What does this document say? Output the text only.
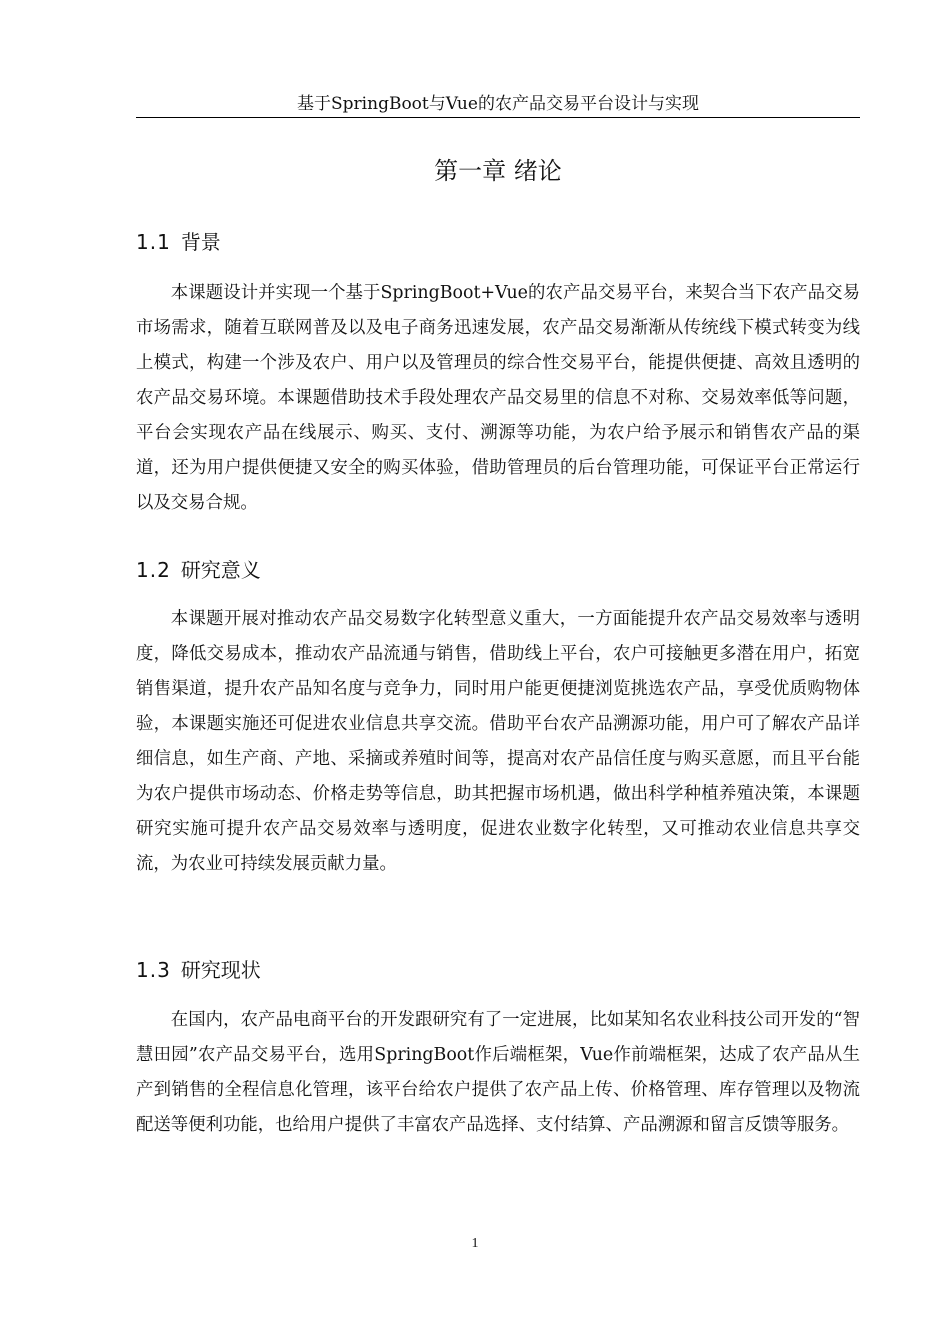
基于SpringBoot与Vue的农产品交易平台设计与实现
第一章 绪论
1.1 背景

本课题设计并实现一个基于SpringBoot+Vue的农产品交易平台，来契合当下农产品交易市场需求，随着互联网普及以及电子商务迅速发展，农产品交易渐渐从传统线下模式转变为线上模式，构建一个涉及农户、用户以及管理员的综合性交易平台，能提供便捷、高效且透明的农产品交易环境。本课题借助技术手段处理农产品交易里的信息不对称、交易效率低等问题，平台会实现农产品在线展示、购买、支付、溯源等功能，为农户给予展示和销售农产品的渠道，还为用户提供便捷又安全的购买体验，借助管理员的后台管理功能，可保证平台正常运行以及交易合规。

1.2 研究意义

本课题开展对推动农产品交易数字化转型意义重大，一方面能提升农产品交易效率与透明度，降低交易成本，推动农产品流通与销售，借助线上平台，农户可接触更多潜在用户，拓宽销售渠道，提升农产品知名度与竞争力，同时用户能更便捷浏览挑选农产品，享受优质购物体验，本课题实施还可促进农业信息共享交流。借助平台农产品溯源功能，用户可了解农产品详细信息，如生产商、产地、采摘或养殖时间等，提高对农产品信任度与购买意愿，而且平台能为农户提供市场动态、价格走势等信息，助其把握市场机遇，做出科学种植养殖决策，本课题研究实施可提升农产品交易效率与透明度，促进农业数字化转型，又可推动农业信息共享交流，为农业可持续发展贡献力量。

1.3 研究现状

在国内，农产品电商平台的开发跟研究有了一定进展，比如某知名农业科技公司开发的“智慧田园”农产品交易平台，选用SpringBoot作后端框架，Vue作前端框架，达成了农产品从生产到销售的全程信息化管理，该平台给农户提供了农产品上传、价格管理、库存管理以及物流配送等便利功能，也给用户提供了丰富农产品选择、支付结算、产品溯源和留言反馈等服务。

1
